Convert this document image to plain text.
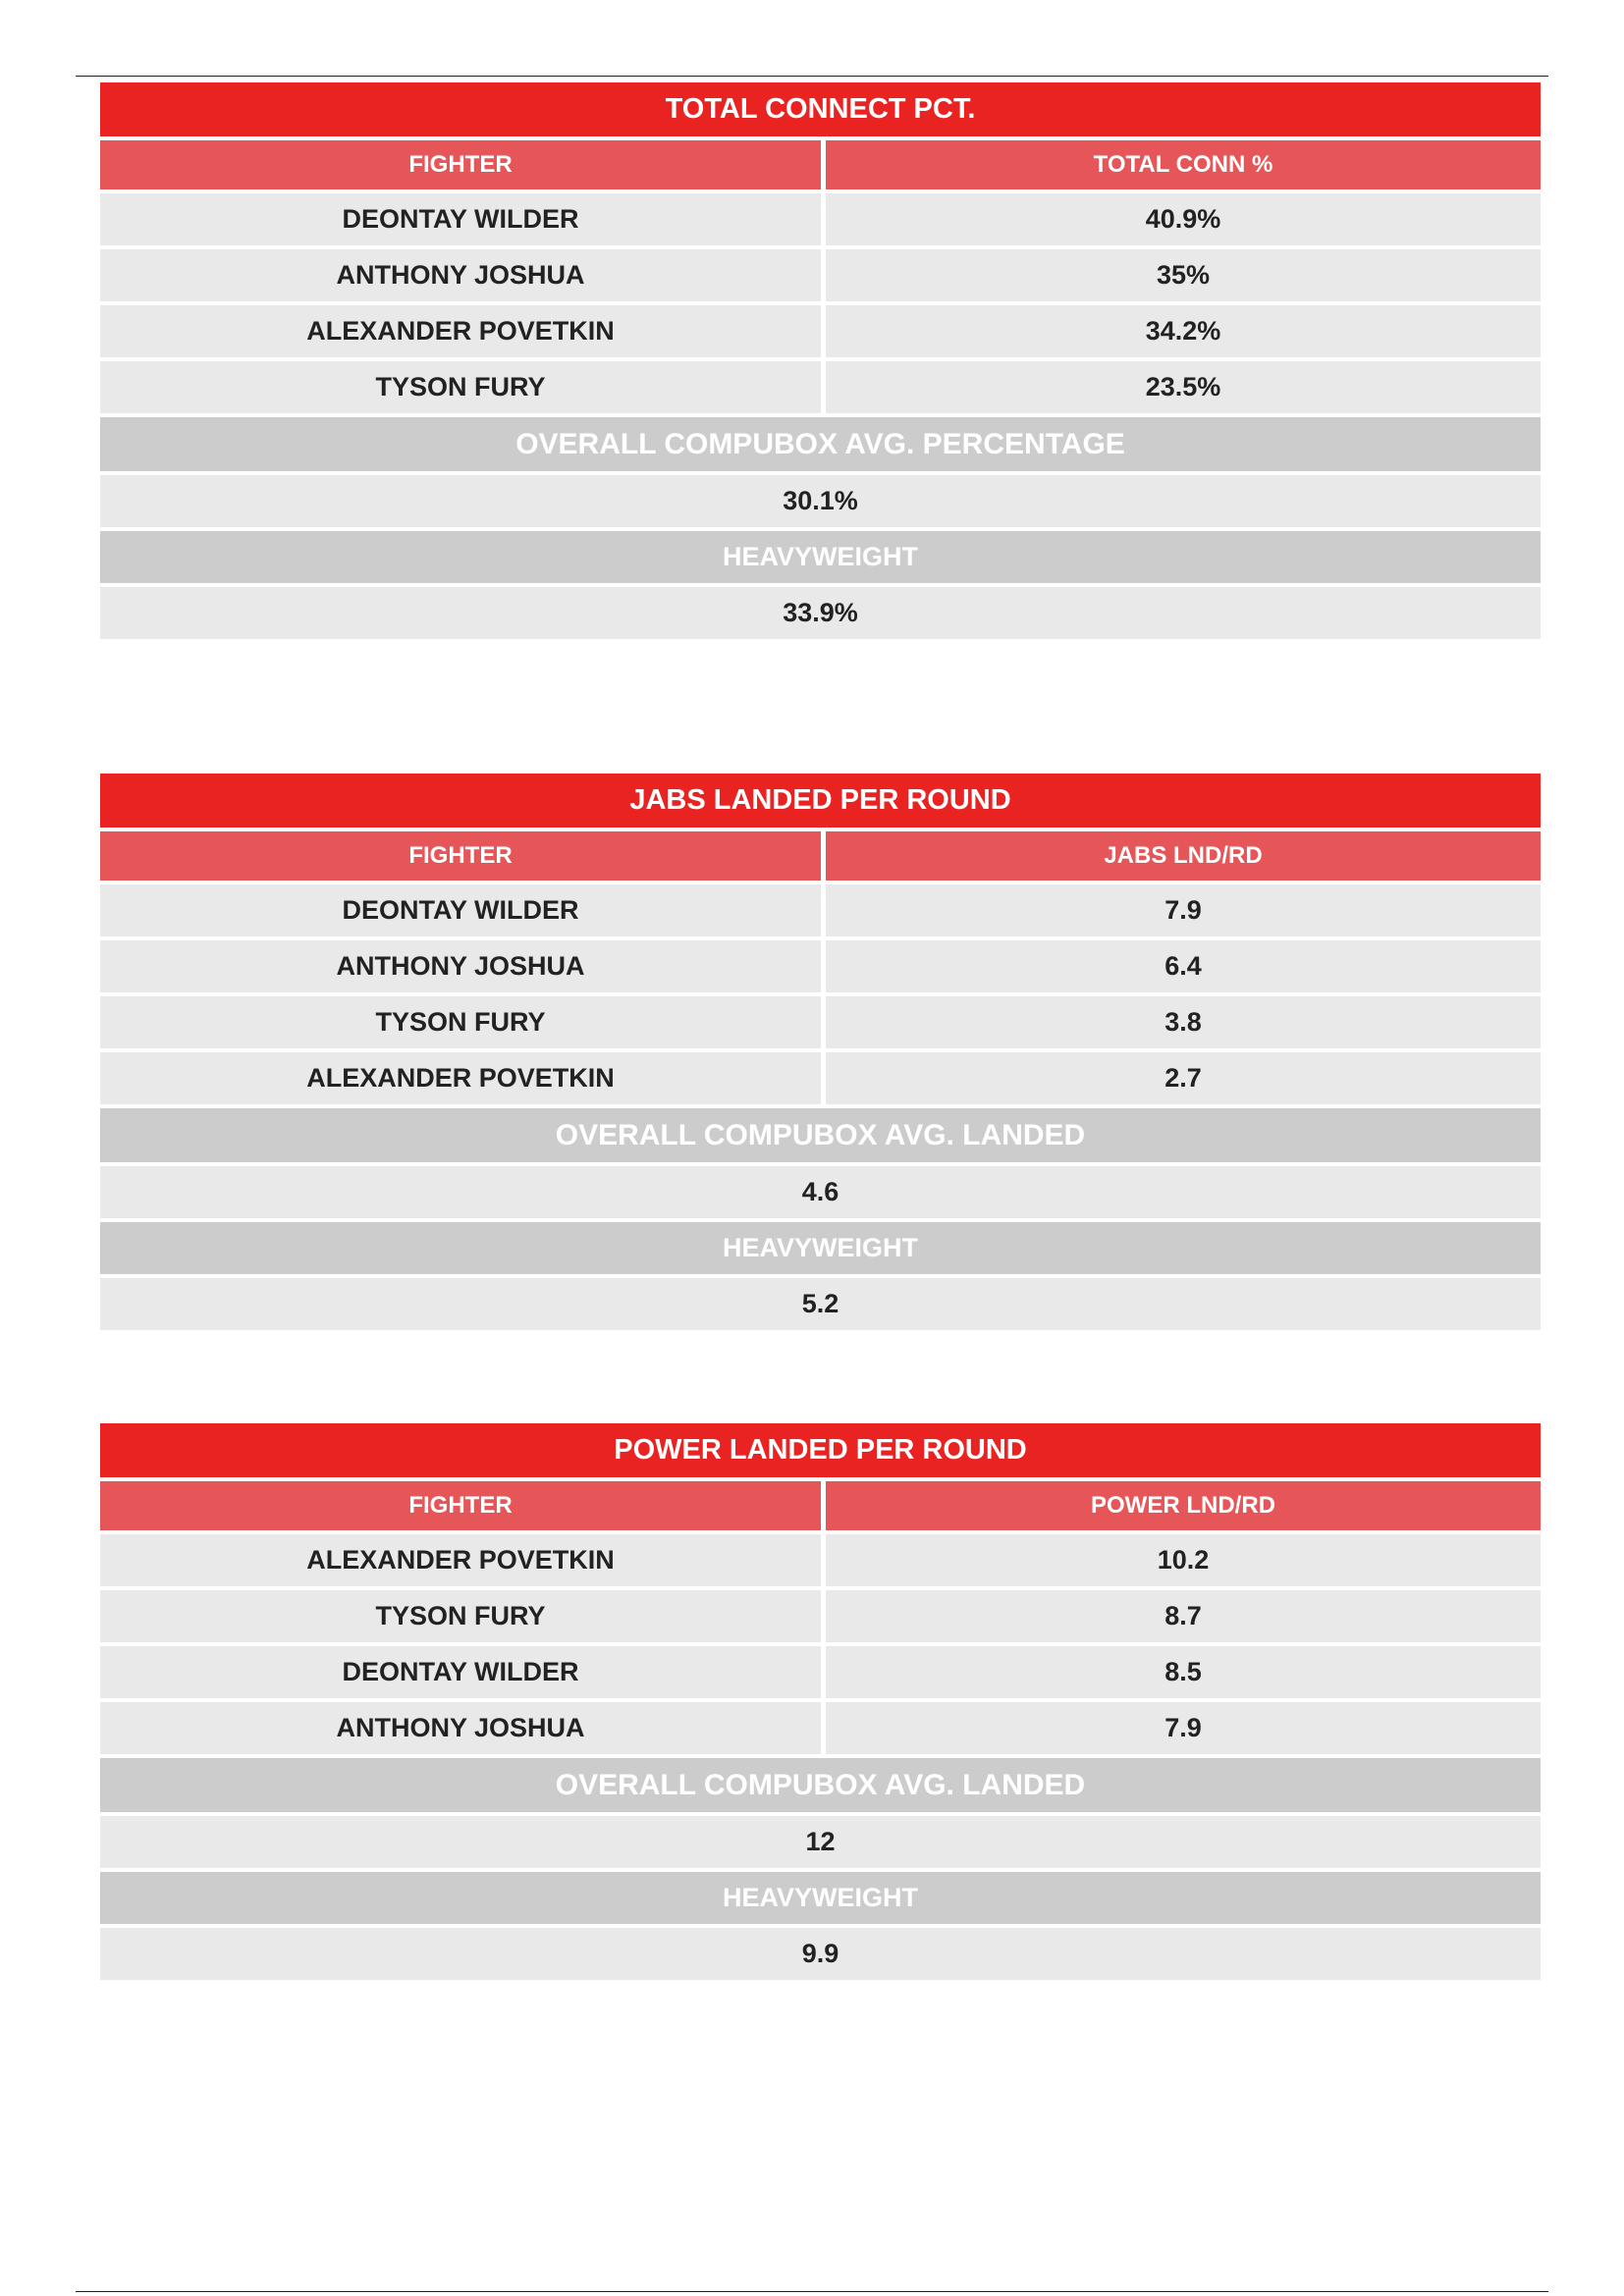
TOTAL CONNECT PCT.
FIGHTER	TOTAL CONN %
DEONTAY WILDER	40.9%
ANTHONY JOSHUA	35%
ALEXANDER POVETKIN	34.2%
TYSON FURY	23.5%
OVERALL COMPUBOX AVG. PERCENTAGE
30.1%
HEAVYWEIGHT
33.9%
JABS LANDED PER ROUND
FIGHTER	JABS LND/RD
DEONTAY WILDER	7.9
ANTHONY JOSHUA	6.4
TYSON FURY	3.8
ALEXANDER POVETKIN	2.7
OVERALL COMPUBOX AVG. LANDED
4.6
HEAVYWEIGHT
5.2
POWER LANDED PER ROUND
FIGHTER	POWER LND/RD
ALEXANDER POVETKIN	10.2
TYSON FURY	8.7
DEONTAY WILDER	8.5
ANTHONY JOSHUA	7.9
OVERALL COMPUBOX AVG. LANDED
12
HEAVYWEIGHT
9.9
